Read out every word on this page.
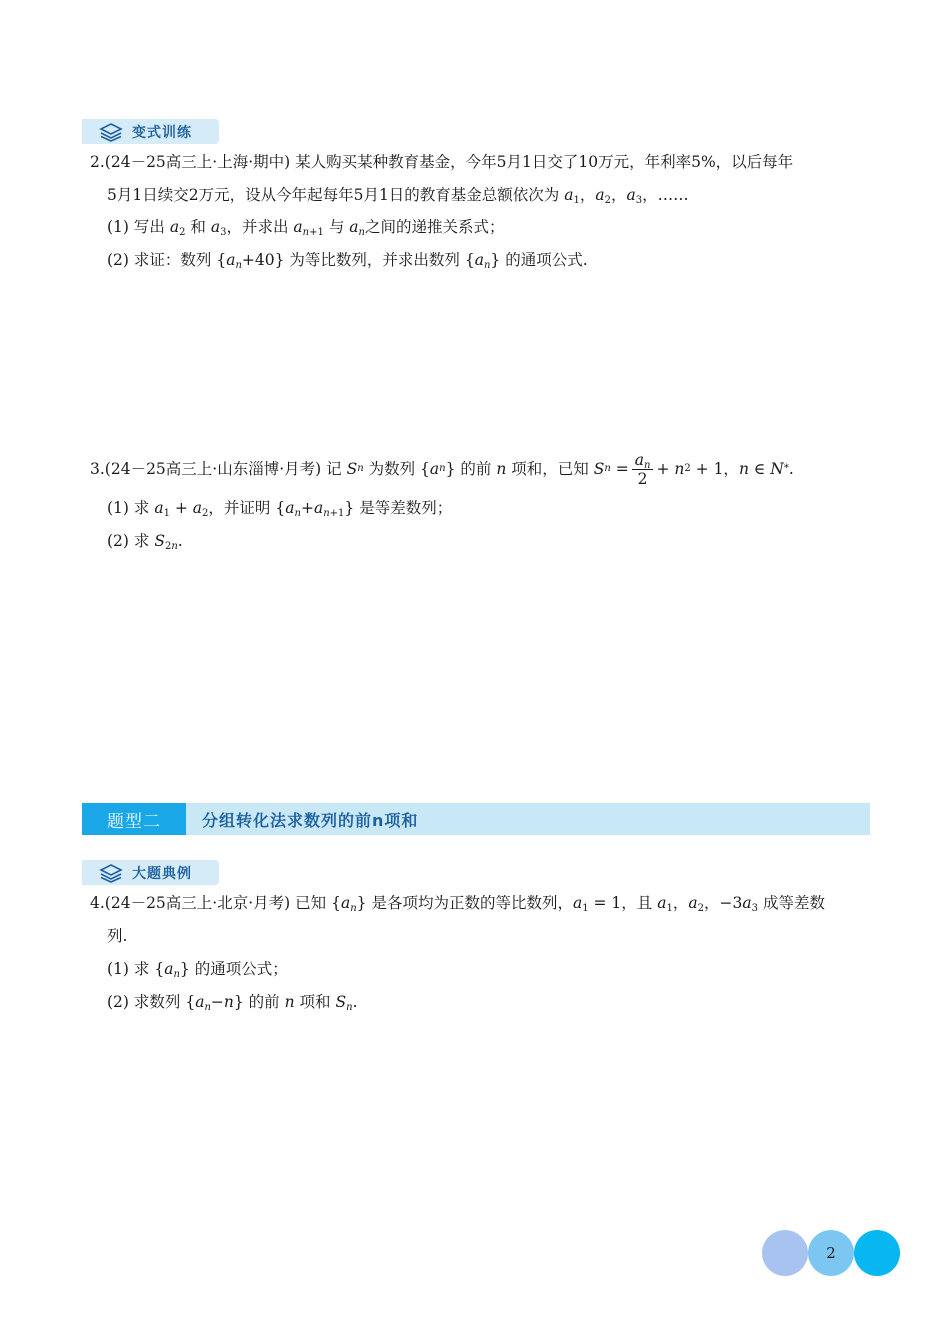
变式训练
2.(24－25高三上·上海·期中) 某人购买某种教育基金，今年5月1日交了10万元，年利率5%，以后每年
5月1日续交2万元，设从今年起每年5月1日的教育基金总额依次为 $a_1$，$a_2$，$a_3$，……
(1) 写出 $a_2$ 和 $a_3$，并求出 $a_{n+1}$ 与 $a_n$之间的递推关系式；
(2) 求证：数列 $\{a_n+40\}$ 为等比数列，并求出数列 $\{a_n\}$ 的通项公式.
3. (24－25高三上·山东淄博·月考)
记
S n
为数列 { a n } 的前
n
项和，已知
S $n = \frac{a_n}{2} + n$ 2 + 1， n ∈ N * .
(1) 求 $a_1 + a_2$，并证明 $\{a_n+a_{n+1}\}$ 是等差数列；
(2) 求 $S_{2n}$.
题型二	分组转化法求数列的前n项和
大题典例
4.(24－25高三上·北京·月考) 已知 $\{a_n\}$ 是各项均为正数的等比数列，$a_1 = 1$，且 $a_1$，$a_2$，$-3a_3$ 成等差数
列.
(1) 求 $\{a_n\}$ 的通项公式；
(2) 求数列 $\{a_n-n\}$ 的前 n 项和 $S_n$.
2
